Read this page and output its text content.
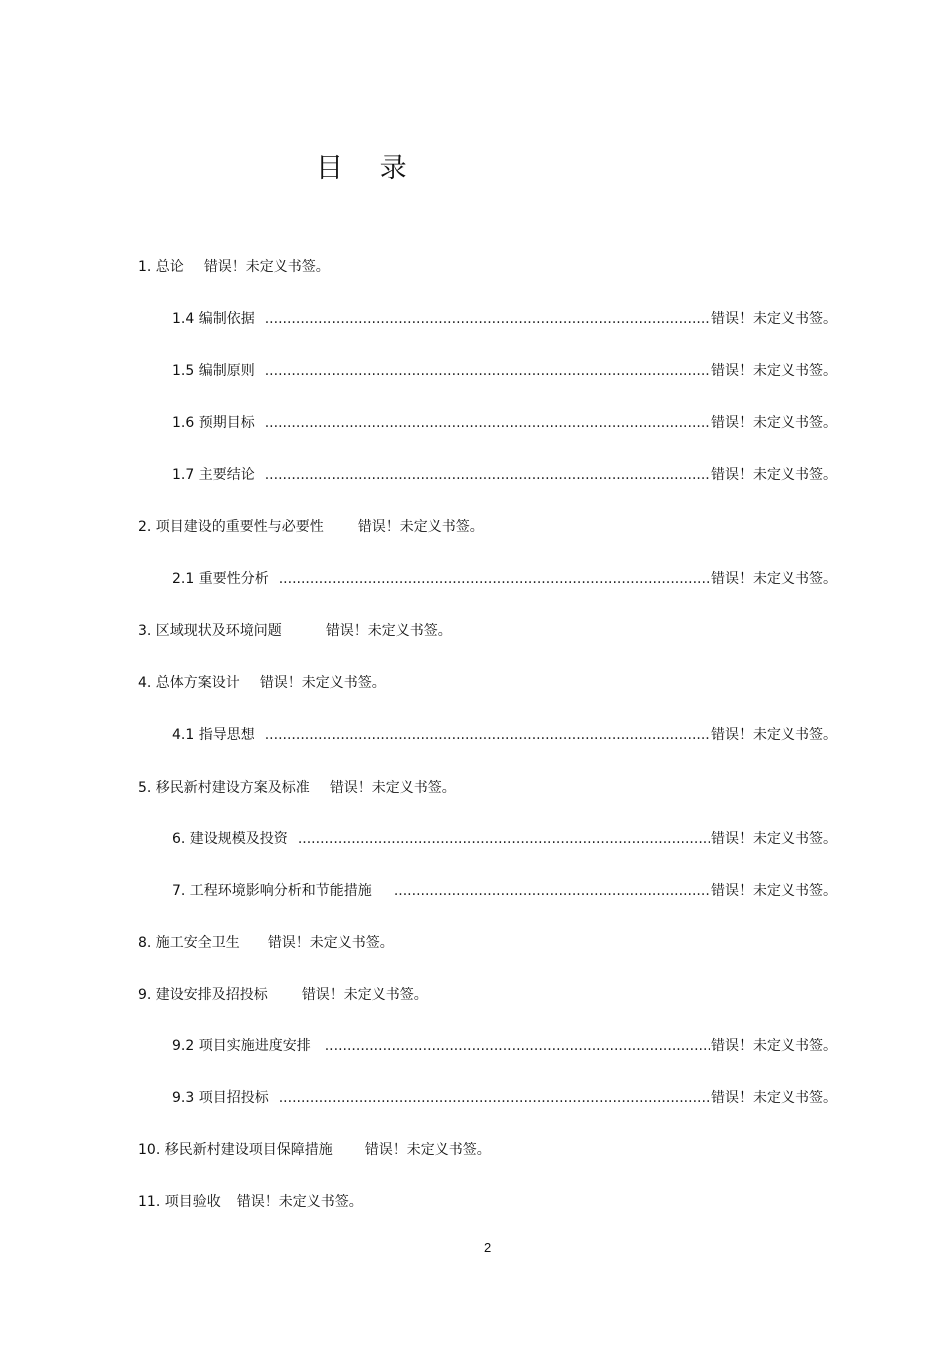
目 录
1. 总论 错误！未定义书签。
1.4 编制依据 .....	错误！未定义书签。
1.5 编制原则 .....	错误！未定义书签。
1.6 预期目标 .....	错误！未定义书签。
1.7 主要结论 .....	错误！未定义书签。
2. 项目建设的重要性与必要性 错误！未定义书签。
2.1 重要性分析 .....	错误！未定义书签。
3. 区域现状及环境问题	错误！未定义书签。
4. 总体方案设计 错误！未定义书签。
4.1 指导思想 .....	错误！未定义书签。
5. 移民新村建设方案及标准 错误！未定义书签。
6. 建设规模及投资 .....	错误！未定义书签。
7. 工程环境影响分析和节能措施 .....	错误！未定义书签。
8. 施工安全卫生 错误！未定义书签。
9. 建设安排及招投标 错误！未定义书签。
9.2 项目实施进度安排 .....	错误！未定义书签。
9.3 项目招投标 .....	错误！未定义书签。
10. 移民新村建设项目保障措施 错误！未定义书签。
11. 项目验收 错误！未定义书签。
2
